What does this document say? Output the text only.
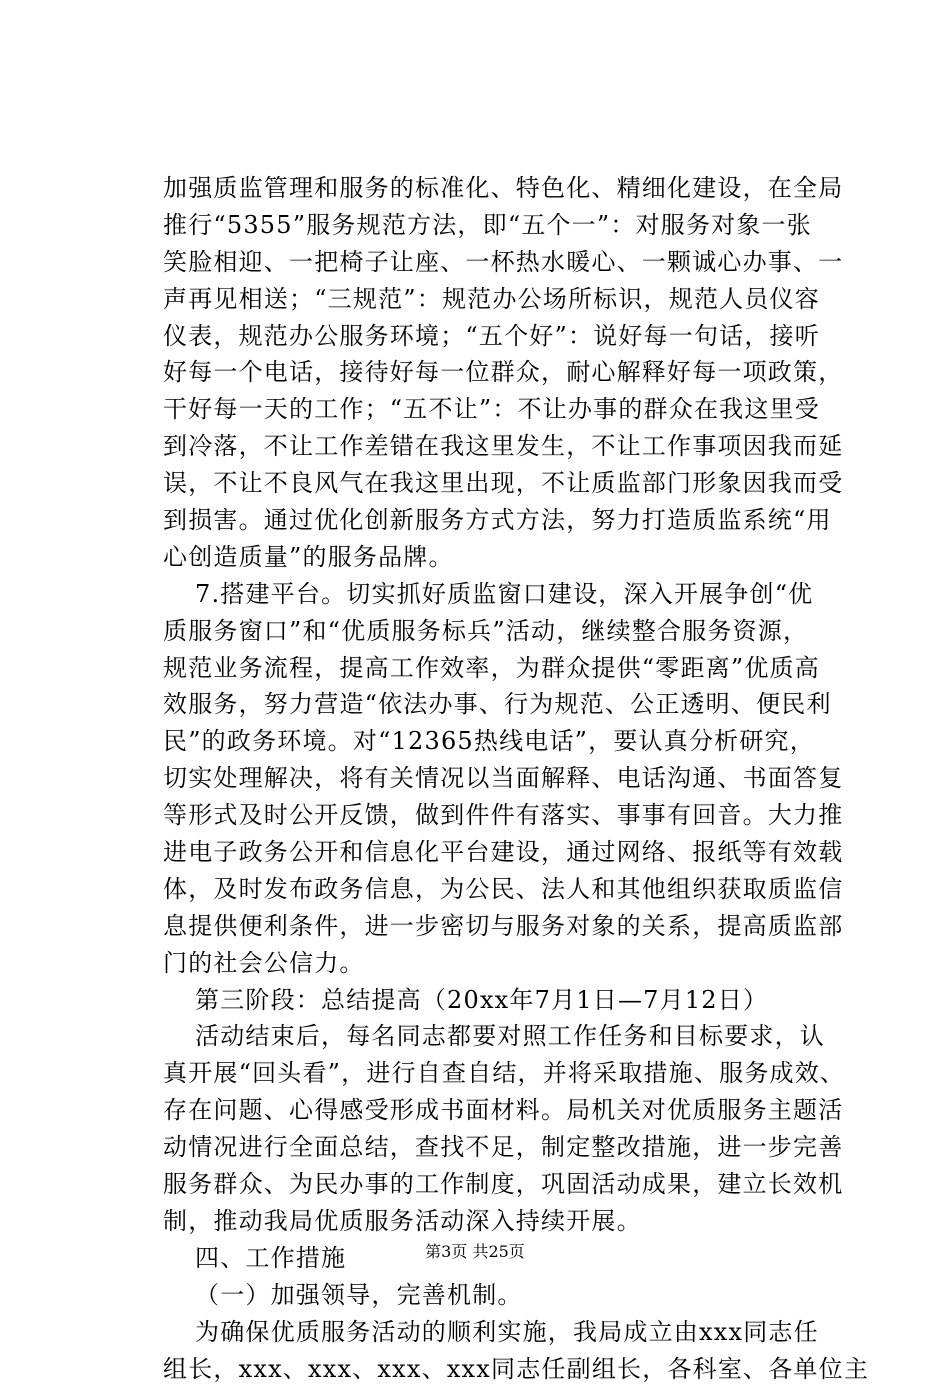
加强质监管理和服务的标准化、特色化、精细化建设，在全局
推行“5355”服务规范方法，即“五个一”：对服务对象一张
笑脸相迎、一把椅子让座、一杯热水暖心、一颗诚心办事、一
声再见相送；“三规范”：规范办公场所标识，规范人员仪容
仪表，规范办公服务环境；“五个好”：说好每一句话，接听
好每一个电话，接待好每一位群众，耐心解释好每一项政策，
干好每一天的工作；“五不让”：不让办事的群众在我这里受
到冷落，不让工作差错在我这里发生，不让工作事项因我而延
误，不让不良风气在我这里出现，不让质监部门形象因我而受
到损害。通过优化创新服务方式方法，努力打造质监系统“用
心创造质量”的服务品牌。
7.搭建平台。切实抓好质监窗口建设，深入开展争创“优
质服务窗口”和“优质服务标兵”活动，继续整合服务资源，
规范业务流程，提高工作效率，为群众提供“零距离”优质高
效服务，努力营造“依法办事、行为规范、公正透明、便民利
民”的政务环境。对“12365热线电话”，要认真分析研究，
切实处理解决，将有关情况以当面解释、电话沟通、书面答复
等形式及时公开反馈，做到件件有落实、事事有回音。大力推
进电子政务公开和信息化平台建设，通过网络、报纸等有效载
体，及时发布政务信息，为公民、法人和其他组织获取质监信
息提供便利条件，进一步密切与服务对象的关系，提高质监部
门的社会公信力。
第三阶段：总结提高（20xx年7月1日—7月12日）
活动结束后，每名同志都要对照工作任务和目标要求，认
真开展“回头看”，进行自查自结，并将采取措施、服务成效、
存在问题、心得感受形成书面材料。局机关对优质服务主题活
动情况进行全面总结，查找不足，制定整改措施，进一步完善
服务群众、为民办事的工作制度，巩固活动成果，建立长效机
制，推动我局优质服务活动深入持续开展。
四、工作措施
（一）加强领导，完善机制。
为确保优质服务活动的顺利实施，我局成立由xxx同志任
组长，xxx、xxx、xxx、xxx同志任副组长，各科室、各单位主
第3页 共25页
